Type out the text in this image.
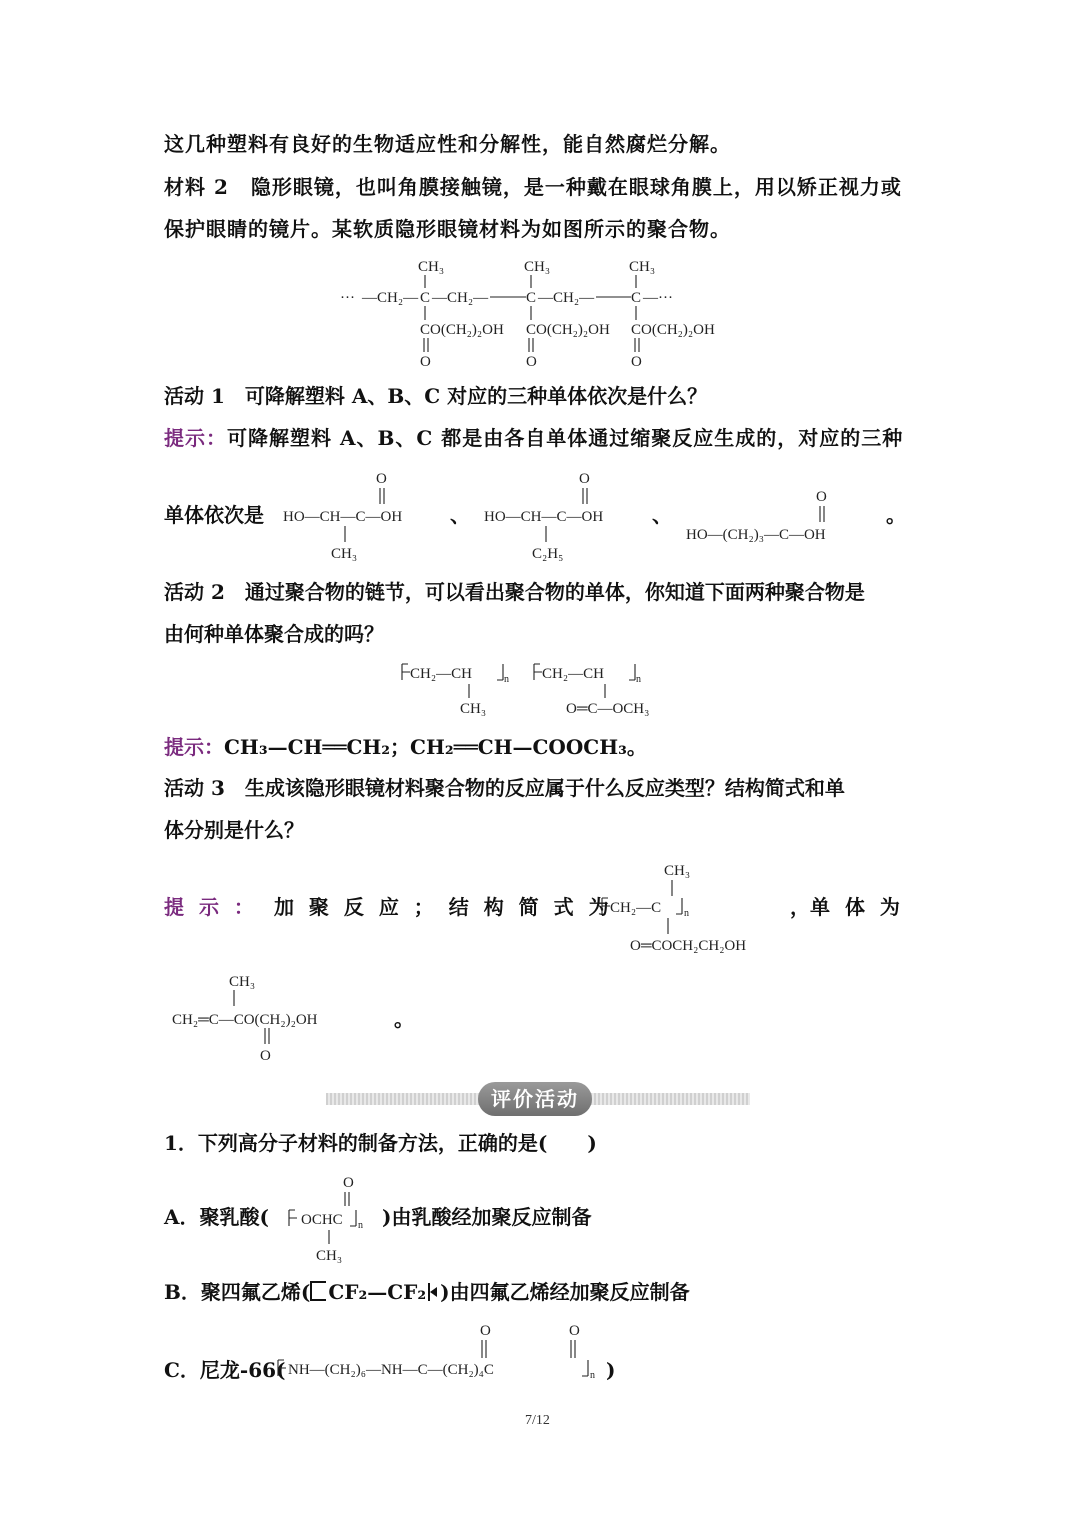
这几种塑料有良好的生物适应性和分解性，能自然腐烂分解。
材料 2 隐形眼镜，也叫角膜接触镜，是一种戴在眼球角膜上，用以矫正视力或
保护眼睛的镜片。某软质隐形眼镜材料为如图所示的聚合物。
··· —CH₂— C —CH₂—	C —CH₂— C —···
CH₃	CH₃	CH₃
CO(CH₂)₂OH CO(CH₂)₂OH CO(CH₂)₂OH
O	O	O
活动 1　可降解塑料 A、B、C 对应的三种单体依次是什么？
提示：可降解塑料 A、B、C 都是由各自单体通过缩聚反应生成的，对应的三种
单体依次是 HO—CH—C—OH
O
CH₃
、 HO—CH—C—OH
O
C₂H₅
、
HO—(CH₂)₃—C—OH
O
。
活动 2　通过聚合物的链节，可以看出聚合物的单体，你知道下面两种聚合物是
由何种单体聚合成的吗？
CH₂—CH	n
CH₃
CH₂—CH	n
O═C—OCH₃
提示：CH₃—CH══CH₂；CH₂══CH—COOCH₃。
活动 3　生成该隐形眼镜材料聚合物的反应属于什么反应类型？结构简式和单
体分别是什么？
提 示 ：  加 聚 反 应 ； 结 构 简 式 为
CH₃
CH₂—C n
O═COCH₂CH₂OH
，单 体 为
CH₃
CH₂═C—CO(CH₂)₂OH
O
。
评价活动
1．下列高分子材料的制备方法，正确的是(　　)
A．聚乳酸(
O
OCHC n
CH₃
)由乳酸经加聚反应制备
B．聚四氟乙烯( CF₂—CF₂ )由四氟乙烯经加聚反应制备
C．尼龙-66( NH—(CH₂)₆—NH—C—(CH₂)₄C
O	O
n )
7/12
